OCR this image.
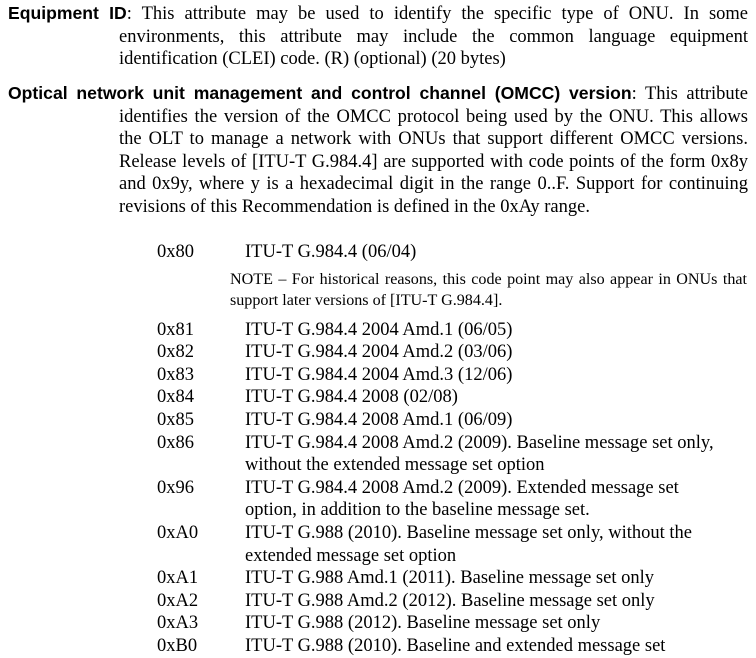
Equipment ID: This attribute may be used to identify the specific type of ONU. In some environments, this attribute may include the common language equipment identification (CLEI) code. (R) (optional) (20 bytes)
Optical network unit management and control channel (OMCC) version: This attribute identifies the version of the OMCC protocol being used by the ONU. This allows the OLT to manage a network with ONUs that support different OMCC versions. Release levels of [ITU-T G.984.4] are supported with code points of the form 0x8y and 0x9y, where y is a hexadecimal digit in the range 0..F. Support for continuing revisions of this Recommendation is defined in the 0xAy range.
0x80	ITU-T G.984.4 (06/04)
NOTE – For historical reasons, this code point may also appear in ONUs that support later versions of [ITU-T G.984.4].
0x81	ITU-T G.984.4 2004 Amd.1 (06/05)
0x82	ITU-T G.984.4 2004 Amd.2 (03/06)
0x83	ITU-T G.984.4 2004 Amd.3 (12/06)
0x84	ITU-T G.984.4 2008 (02/08)
0x85	ITU-T G.984.4 2008 Amd.1 (06/09)
0x86	ITU-T G.984.4 2008 Amd.2 (2009). Baseline message set only, without the extended message set option
0x96	ITU-T G.984.4 2008 Amd.2 (2009). Extended message set option, in addition to the baseline message set.
0xA0	ITU-T G.988 (2010). Baseline message set only, without the extended message set option
0xA1	ITU-T G.988 Amd.1 (2011). Baseline message set only
0xA2	ITU-T G.988 Amd.2 (2012). Baseline message set only
0xA3	ITU-T G.988 (2012). Baseline message set only
0xB0	ITU-T G.988 (2010). Baseline and extended message set
